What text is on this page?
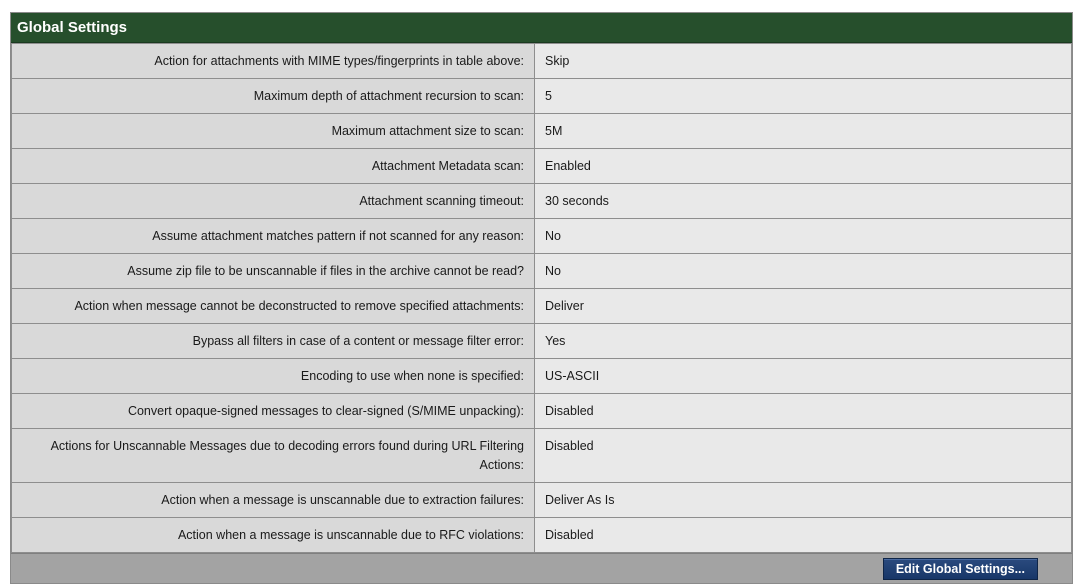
Global Settings
Action for attachments with MIME types/fingerprints in table above:	Skip
Maximum depth of attachment recursion to scan:	5
Maximum attachment size to scan:	5M
Attachment Metadata scan:	Enabled
Attachment scanning timeout:	30 seconds
Assume attachment matches pattern if not scanned for any reason:	No
Assume zip file to be unscannable if files in the archive cannot be read?	No
Action when message cannot be deconstructed to remove specified attachments:	Deliver
Bypass all filters in case of a content or message filter error:	Yes
Encoding to use when none is specified:	US-ASCII
Convert opaque-signed messages to clear-signed (S/MIME unpacking):	Disabled
Actions for Unscannable Messages due to decoding errors found during URL Filtering Actions:	Disabled
Action when a message is unscannable due to extraction failures:	Deliver As Is
Action when a message is unscannable due to RFC violations:	Disabled
Edit Global Settings...
